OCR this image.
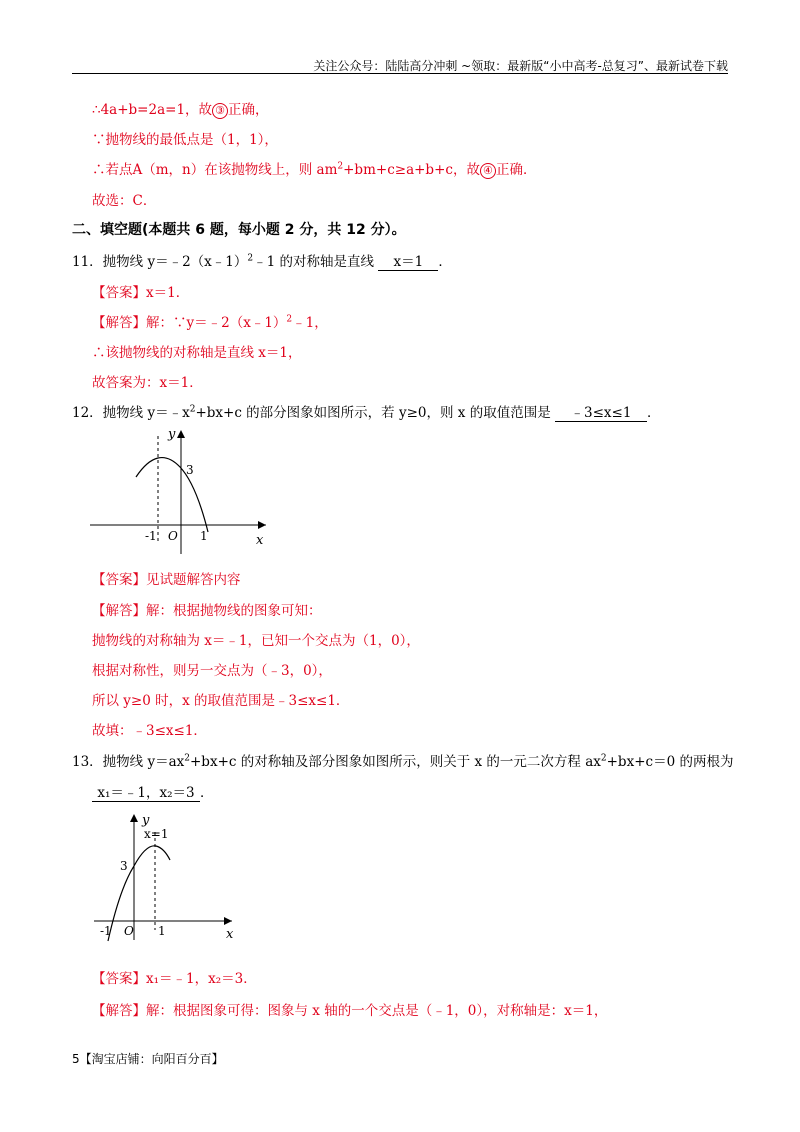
关注公众号：陆陆高分冲刺 ~领取：最新版“小中高考-总复习”、最新试卷下载
∴4a+b=2a=1，故 ③ 正确，
∵抛物线的最低点是（1，1），
∴若点A（m，n）在该抛物线上，则 $am^2+bm+c\ge a+b+c$，故 ④ 正确．
故选：C．
二、填空题(本题共 6 题，每小题 2 分，共 12 分）。
11．抛物线 y＝﹣2（x﹣1）$^2$﹣1 的对称轴是直线 x＝1 ．
【答案】x＝1．
【解答】解：∵y＝﹣2（x﹣1）$^2$﹣1，
∴该抛物线的对称轴是直线 x＝1，
故答案为：x＝1．
12．抛物线 $y=﹣x^2+bx+c$ 的部分图象如图所示，若 y≥0，则 x 的取值范围是 ﹣3≤x≤1 ．
y
x
O
-1	1
3
【答案】见试题解答内容
【解答】解：根据抛物线的图象可知：
抛物线的对称轴为 x＝﹣1，已知一个交点为（1，0），
根据对称性，则另一交点为（﹣3，0），
所以 y≥0 时，x 的取值范围是﹣3≤x≤1．
故填：﹣3≤x≤1．
13．抛物线 $y=ax^2+bx+c$ 的对称轴及部分图象如图所示，则关于 x 的一元二次方程 $ax^2+bx+c=0$ 的两根为
x₁＝﹣1，x₂＝3 ．
y
x=1
x
O
-1	1
3
【答案】x₁＝﹣1，x₂＝3．
【解答】解：根据图象可得：图象与 x 轴的一个交点是（﹣1，0），对称轴是：x＝1，
5【淘宝店铺：向阳百分百】
